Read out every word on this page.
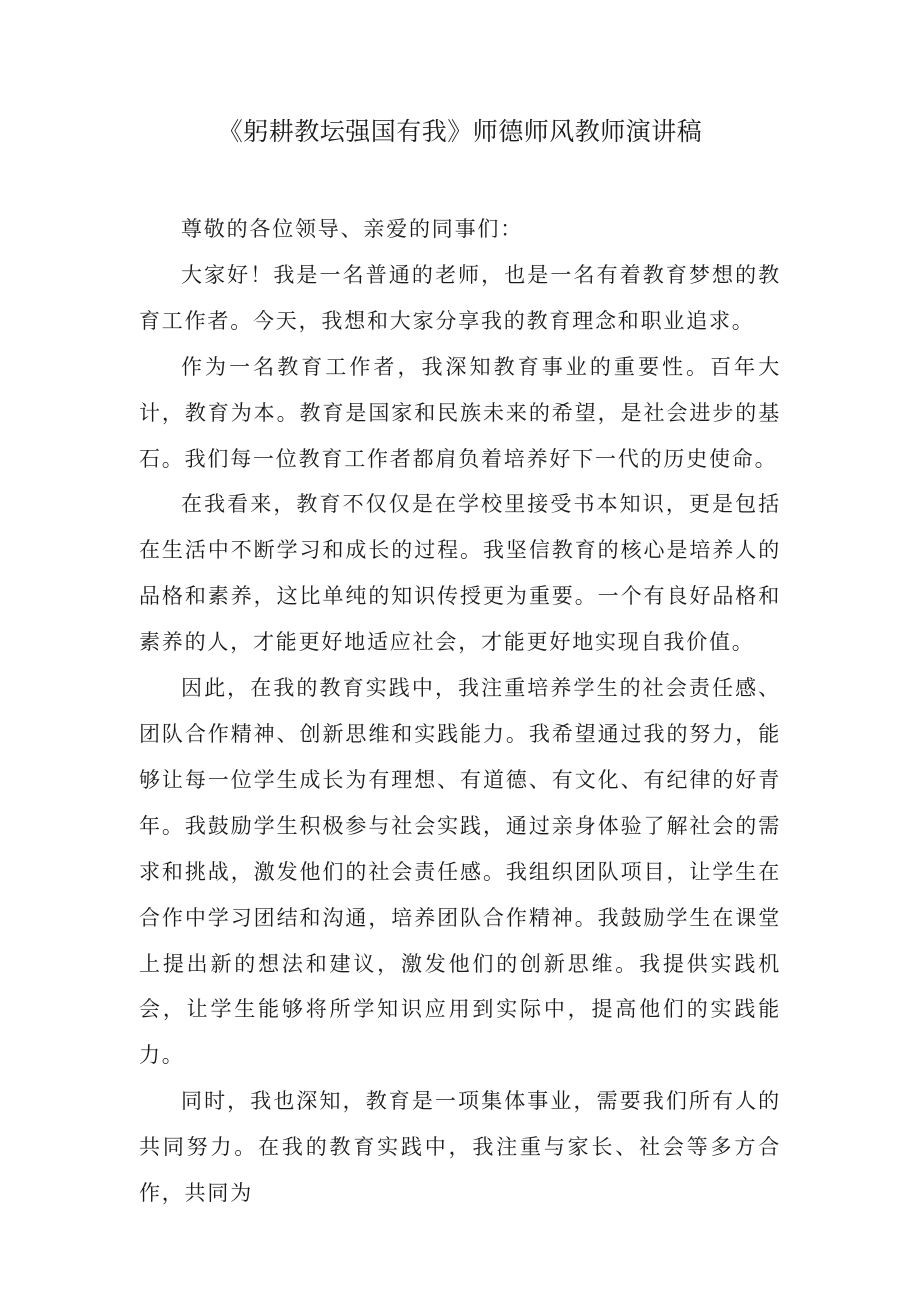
《躬耕教坛强国有我》师德师风教师演讲稿

尊敬的各位领导、亲爱的同事们：

大家好！我是一名普通的老师，也是一名有着教育梦想的教育工作者。今天，我想和大家分享我的教育理念和职业追求。

作为一名教育工作者，我深知教育事业的重要性。百年大计，教育为本。教育是国家和民族未来的希望，是社会进步的基石。我们每一位教育工作者都肩负着培养好下一代的历史使命。

在我看来，教育不仅仅是在学校里接受书本知识，更是包括在生活中不断学习和成长的过程。我坚信教育的核心是培养人的品格和素养，这比单纯的知识传授更为重要。一个有良好品格和素养的人，才能更好地适应社会，才能更好地实现自我价值。

因此，在我的教育实践中，我注重培养学生的社会责任感、团队合作精神、创新思维和实践能力。我希望通过我的努力，能够让每一位学生成长为有理想、有道德、有文化、有纪律的好青年。我鼓励学生积极参与社会实践，通过亲身体验了解社会的需求和挑战，激发他们的社会责任感。我组织团队项目，让学生在合作中学习团结和沟通，培养团队合作精神。我鼓励学生在课堂上提出新的想法和建议，激发他们的创新思维。我提供实践机会，让学生能够将所学知识应用到实际中，提高他们的实践能力。

同时，我也深知，教育是一项集体事业，需要我们所有人的共同努力。在我的教育实践中，我注重与家长、社会等多方合作，共同为
